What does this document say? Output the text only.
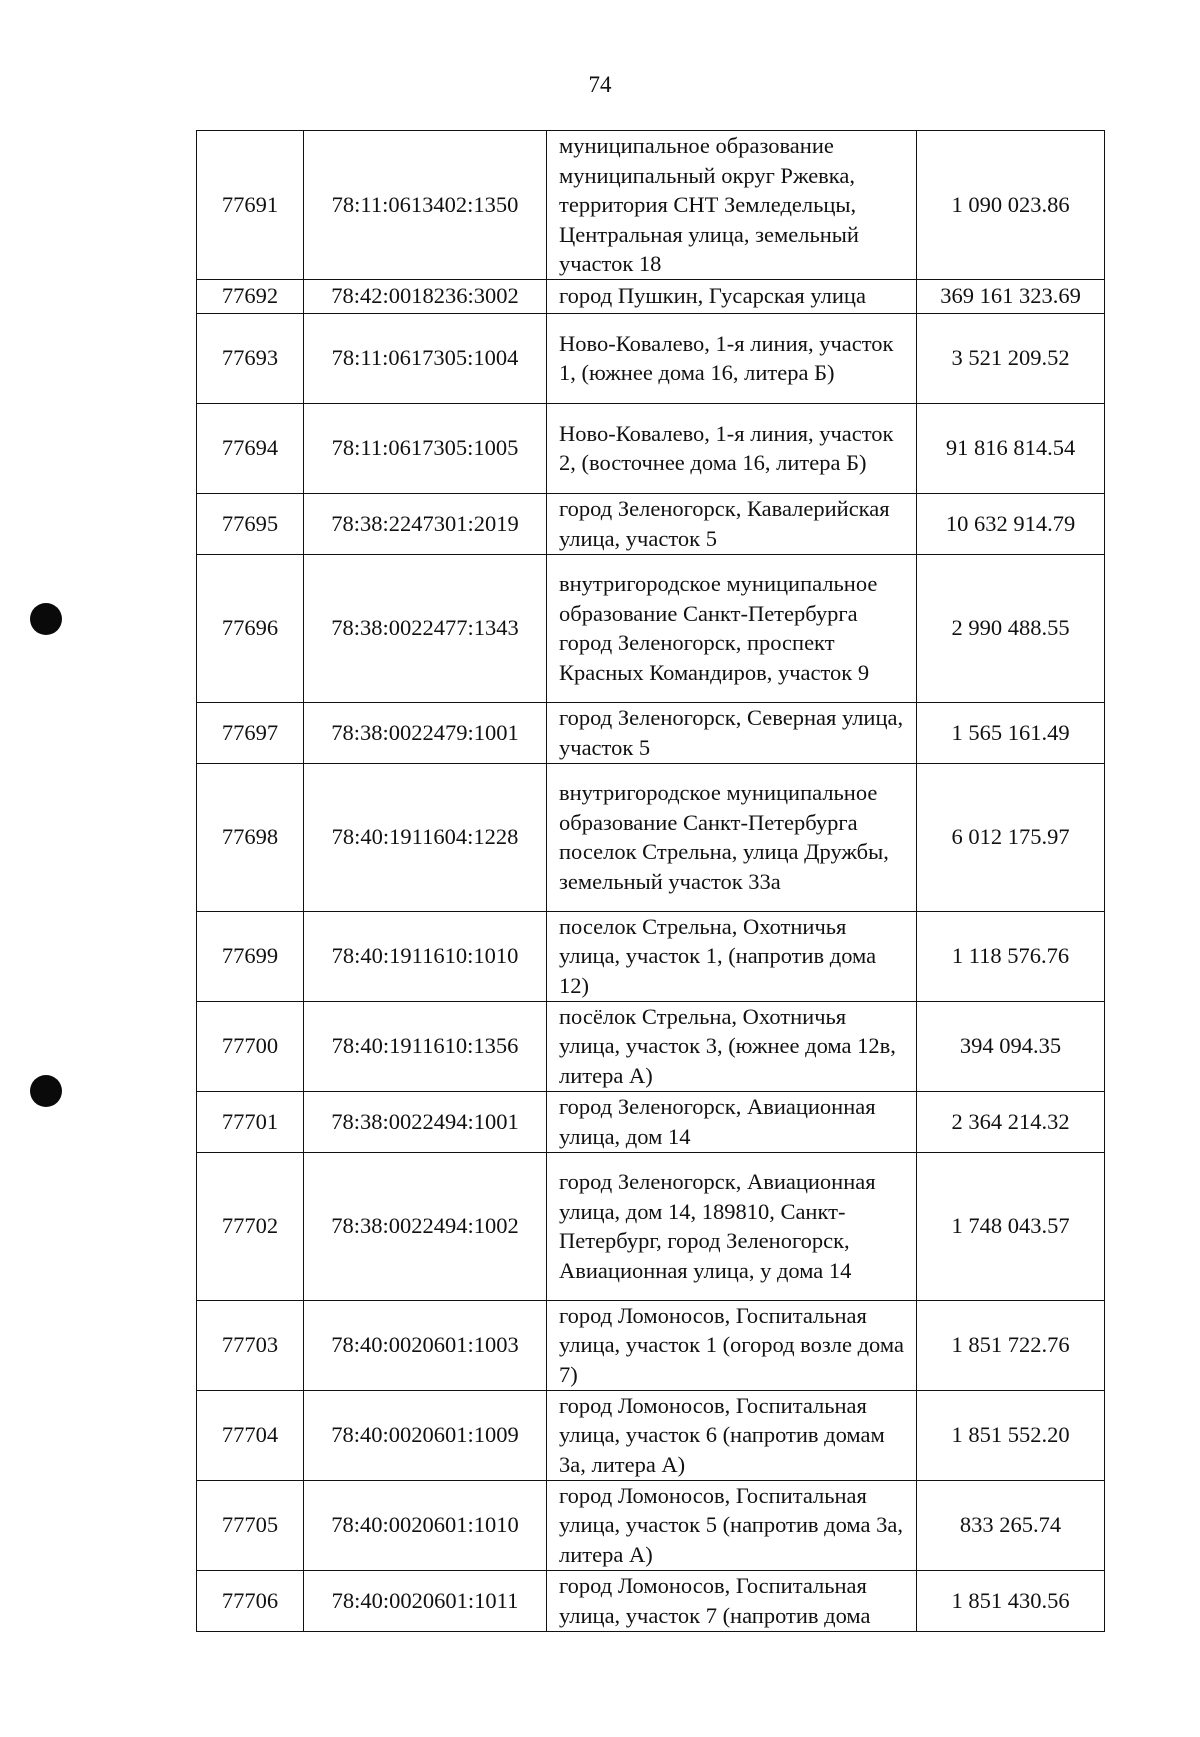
74
77691	78:11:0613402:1350	муниципальное образование муниципальный округ Ржевка, территория СНТ Земледельцы, Центральная улица, земельный участок 18	1 090 023.86
77692	78:42:0018236:3002	город Пушкин, Гусарская улица	369 161 323.69
77693	78:11:0617305:1004	Ново-Ковалево, 1-я линия, участок 1, (южнее дома 16, литера Б)	3 521 209.52
77694	78:11:0617305:1005	Ново-Ковалево, 1-я линия, участок 2, (восточнее дома 16, литера Б)	91 816 814.54
77695	78:38:2247301:2019	город Зеленогорск, Кавалерийская улица, участок 5	10 632 914.79
77696	78:38:0022477:1343	внутригородское муниципальное образование Санкт-Петербурга город Зеленогорск, проспект Красных Командиров, участок 9	2 990 488.55
77697	78:38:0022479:1001	город Зеленогорск, Северная улица, участок 5	1 565 161.49
77698	78:40:1911604:1228	внутригородское муниципальное образование Санкт-Петербурга поселок Стрельна, улица Дружбы, земельный участок 33а	6 012 175.97
77699	78:40:1911610:1010	поселок Стрельна, Охотничья улица, участок 1, (напротив дома 12)	1 118 576.76
77700	78:40:1911610:1356	посёлок Стрельна, Охотничья улица, участок 3, (южнее дома 12в, литера А)	394 094.35
77701	78:38:0022494:1001	город Зеленогорск, Авиационная улица, дом 14	2 364 214.32
77702	78:38:0022494:1002	город Зеленогорск, Авиационная улица, дом 14, 189810, Санкт-Петербург, город Зеленогорск, Авиационная улица, у дома 14	1 748 043.57
77703	78:40:0020601:1003	город Ломоносов, Госпитальная улица, участок 1 (огород возле дома 7)	1 851 722.76
77704	78:40:0020601:1009	город Ломоносов, Госпитальная улица, участок 6 (напротив домам 3а, литера А)	1 851 552.20
77705	78:40:0020601:1010	город Ломоносов, Госпитальная улица, участок 5 (напротив дома 3а, литера А)	833 265.74
77706	78:40:0020601:1011	город Ломоносов, Госпитальная улица, участок 7 (напротив дома	1 851 430.56
